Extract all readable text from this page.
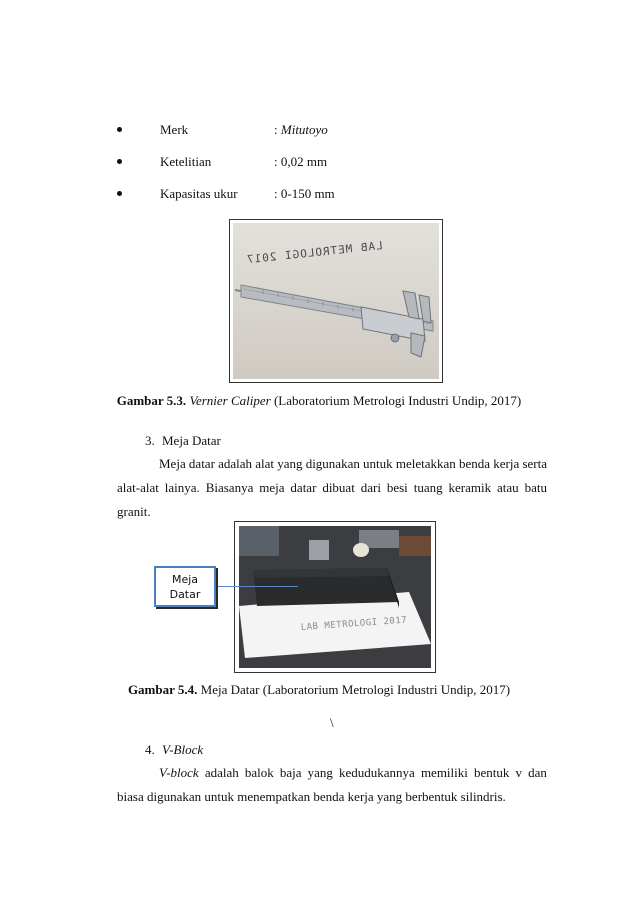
Merk	: Mitutoyo
Ketelitian	: 0,02 mm
Kapasitas ukur	: 0-150 mm
LAB METROLOGI 2017
Gambar 5.3. Vernier Caliper (Laboratorium Metrologi Industri Undip, 2017)
3. Meja Datar
Meja datar adalah alat yang digunakan untuk meletakkan benda kerja serta
alat-alat lainya. Biasanya meja datar dibuat dari besi tuang keramik atau batu
granit.
LAB METROLOGI 2017
Meja
Datar
Gambar 5.4. Meja Datar (Laboratorium Metrologi Industri Undip, 2017)
\
4. V-Block
V-block adalah balok baja yang kedudukannya memiliki bentuk v dan
biasa digunakan untuk menempatkan benda kerja yang berbentuk silindris.
